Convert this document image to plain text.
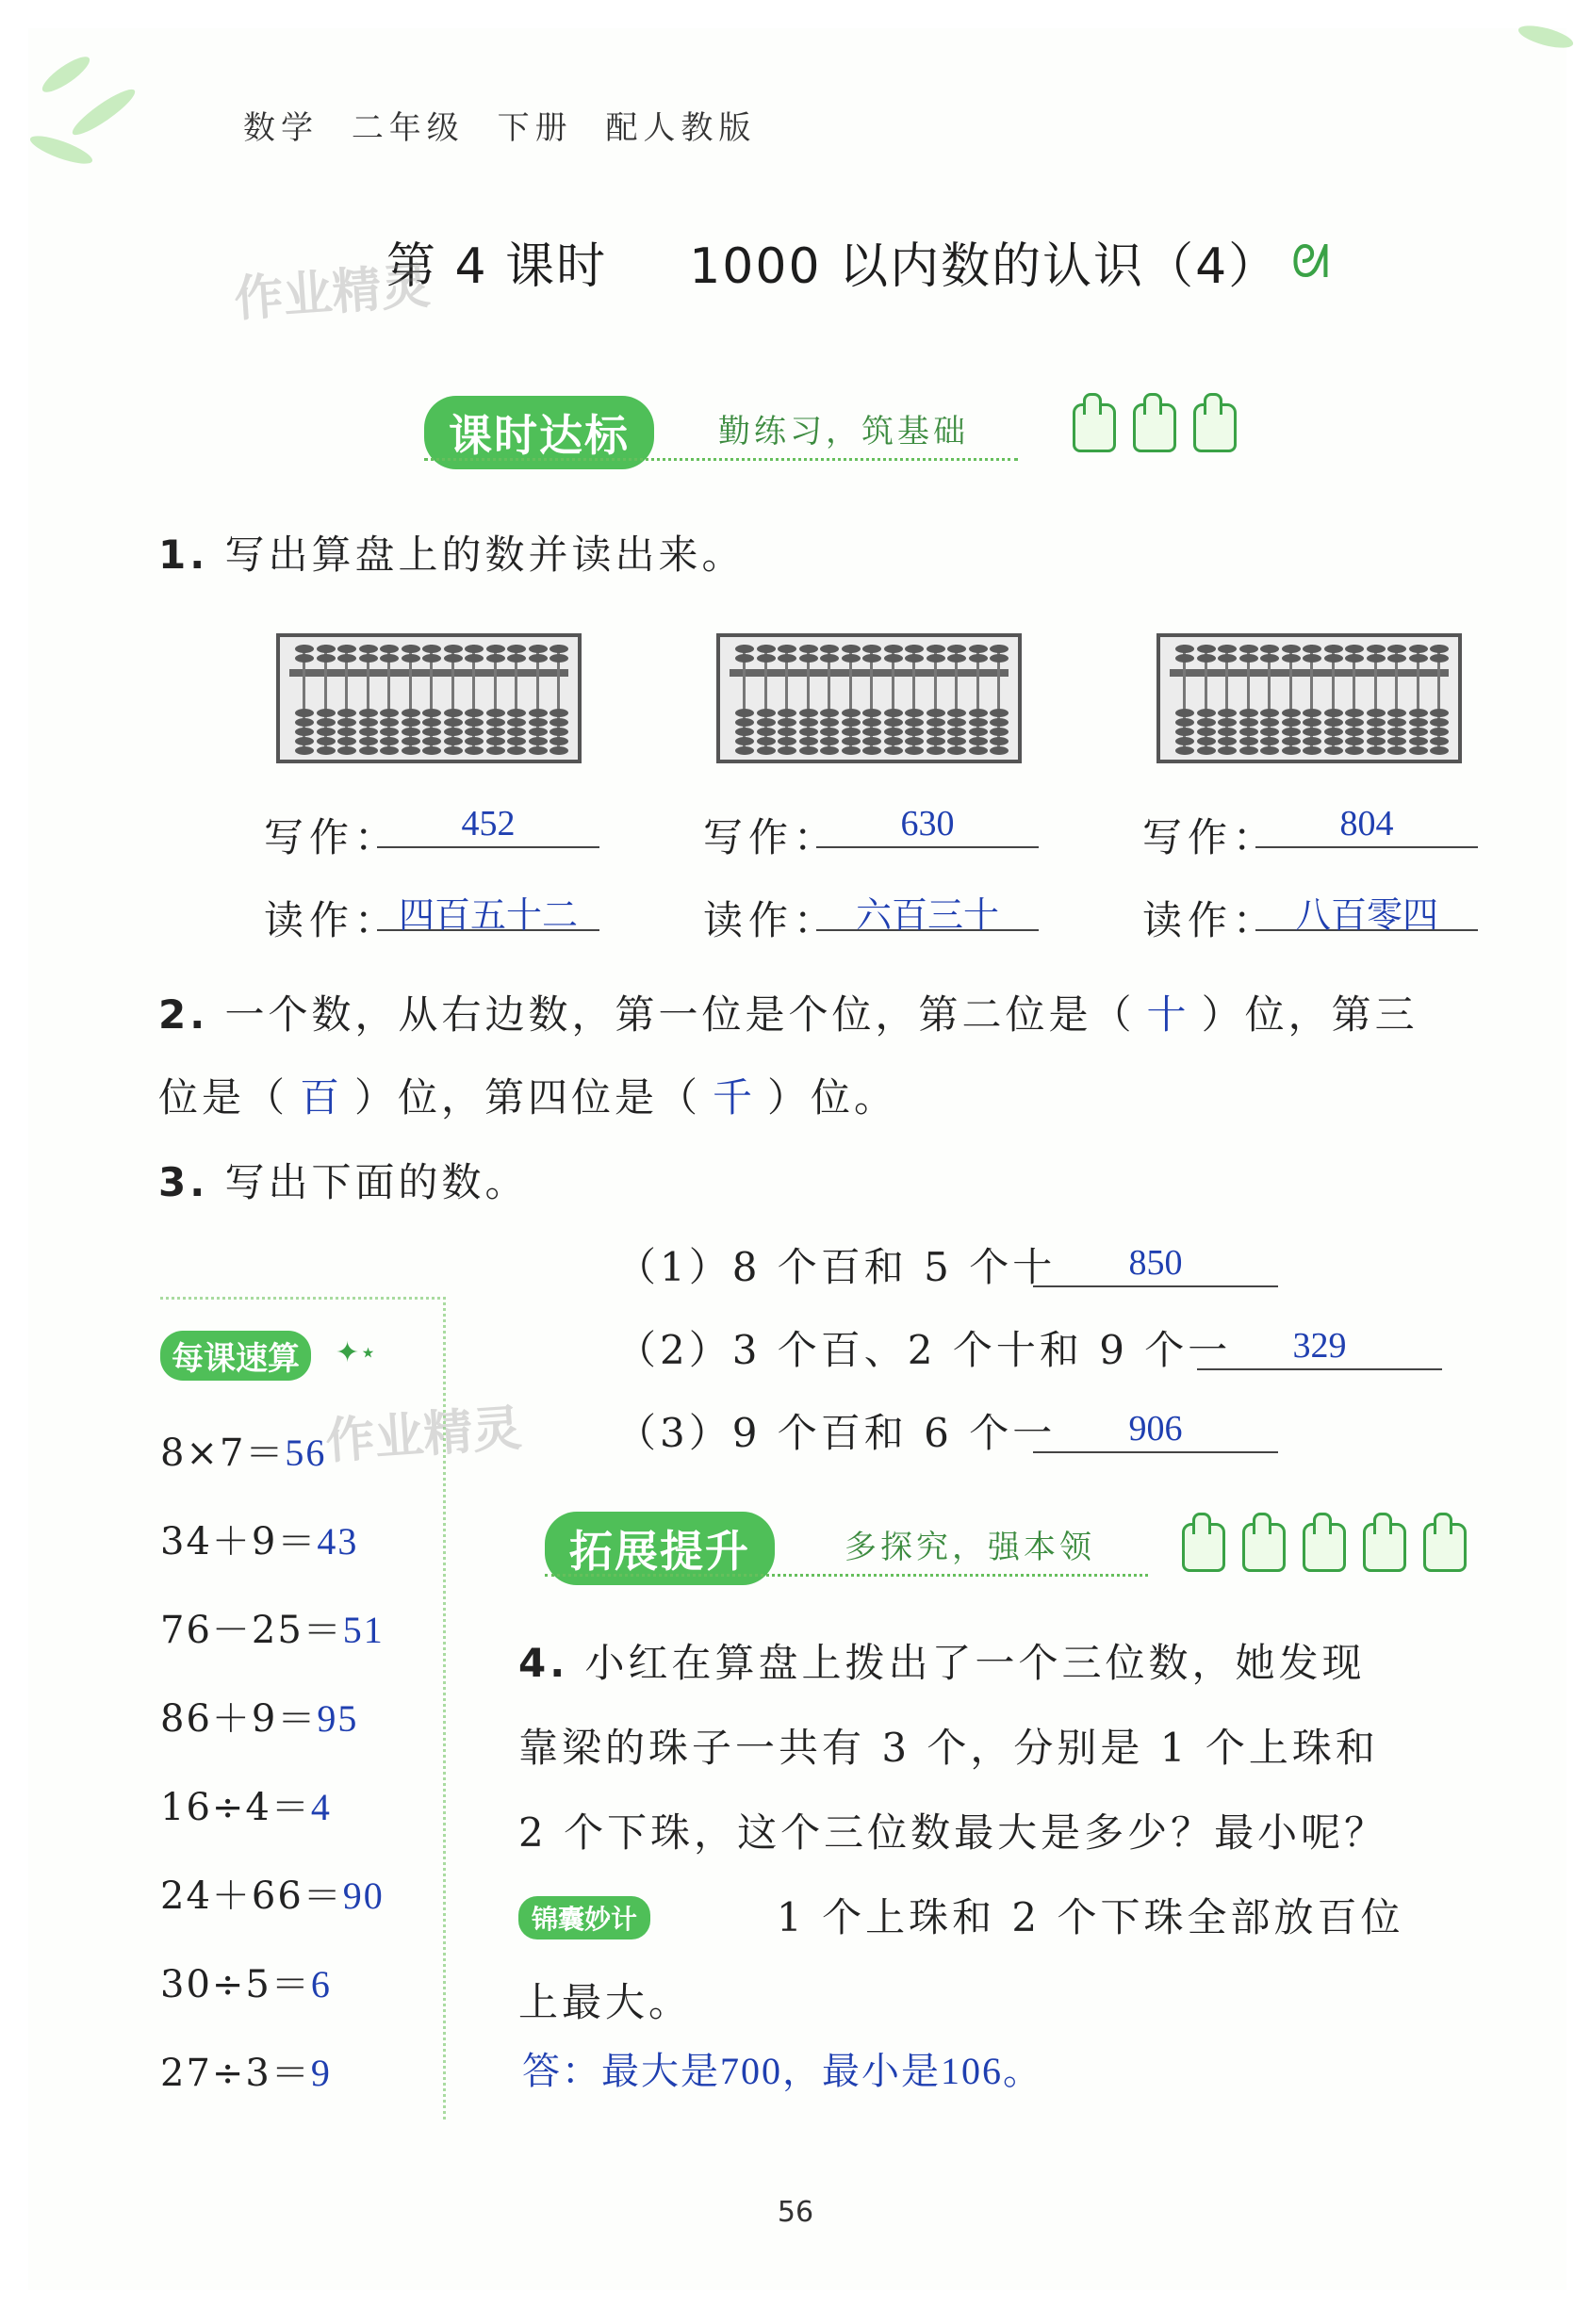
数学 二年级 下册 配人教版
第 4 课时 1000 以内数的认识（4） ᘛ
作业精灵
课时达标	勤练习，筑基础
1. 写出算盘上的数并读出来。
写作：	452
读作：
四百五十二
写作：	630
读作： 六百三十
写作：	804
读作： 八百零四
2. 一个数，从右边数，第一位是个位，第二位是（ 十 ）位，第三
位是（ 百 ）位，第四位是（ 千 ）位。
3. 写出下面的数。
（1）8 个百和 5 个十	850
（2）3 个百、2 个十和 9 个一	329
（3）9 个百和 6 个一	906
每课速算	✦⋆
8×7＝56
34＋9＝43
76－25＝51
86＋9＝95
16÷4＝4
24＋66＝90
30÷5＝6
27÷3＝9
作业精灵
拓展提升	多探究，强本领
4. 小红在算盘上拨出了一个三位数，她发现
靠梁的珠子一共有 3 个，分别是 1 个上珠和
2 个下珠，这个三位数最大是多少？最小呢？
锦囊妙计	1 个上珠和 2 个下珠全部放百位
上最大。
答：最大是700，最小是106。
56
